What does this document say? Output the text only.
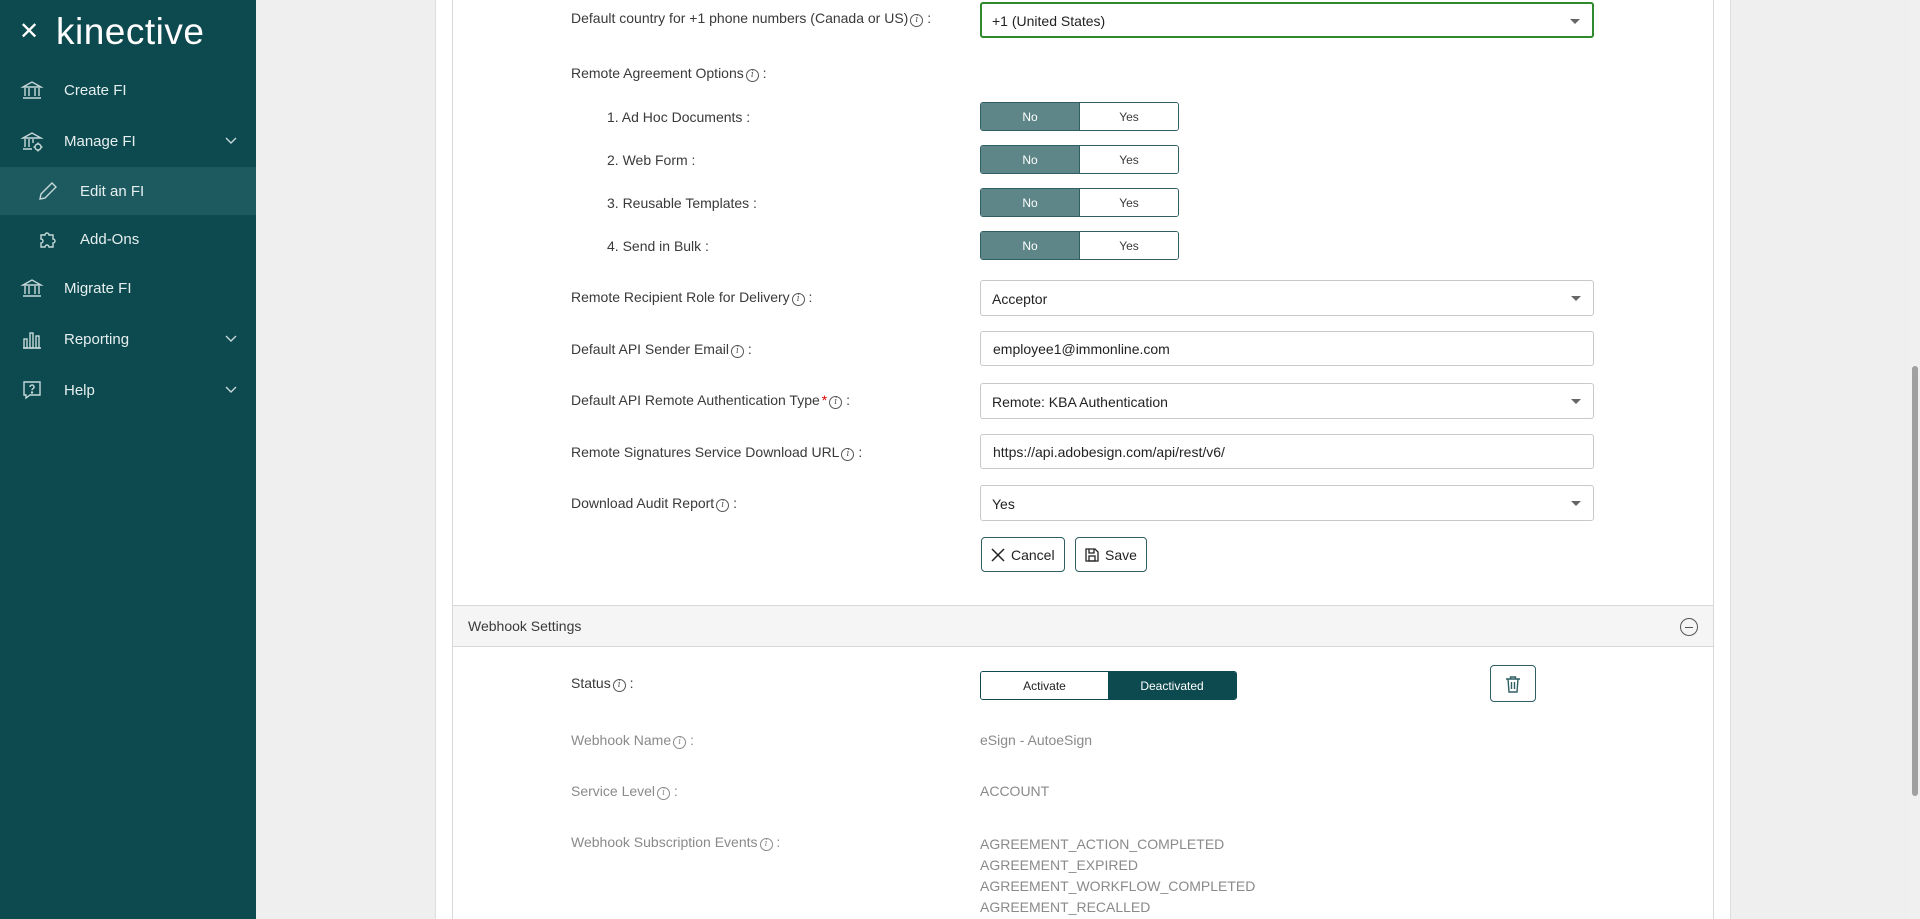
✕ kinective
Create FI
Manage FI
Edit an FI
Add-Ons
Migrate FI
Reporting
Help
Default country for +1 phone numbers (Canada or US) i :	+1 (United States)
Remote Agreement Options i :
1. Ad Hoc Documents :	No	Yes
2. Web Form :	No	Yes
3. Reusable Templates :	No	Yes
4. Send in Bulk :	No	Yes
Remote Recipient Role for Delivery i :	Acceptor
Default API Sender Email i :	employee1@immonline.com
Default API Remote Authentication Type * i :	Remote: KBA Authentication
Remote Signatures Service Download URL i :	https://api.adobesign.com/api/rest/v6/
Download Audit Report i :	Yes
Cancel	Save
Webhook Settings
Status i :	Activate	Deactivated
Webhook Name i :	eSign - AutoeSign
Service Level i :	ACCOUNT
Webhook Subscription Events i :	AGREEMENT_ACTION_COMPLETED
AGREEMENT_EXPIRED
AGREEMENT_WORKFLOW_COMPLETED
AGREEMENT_RECALLED
